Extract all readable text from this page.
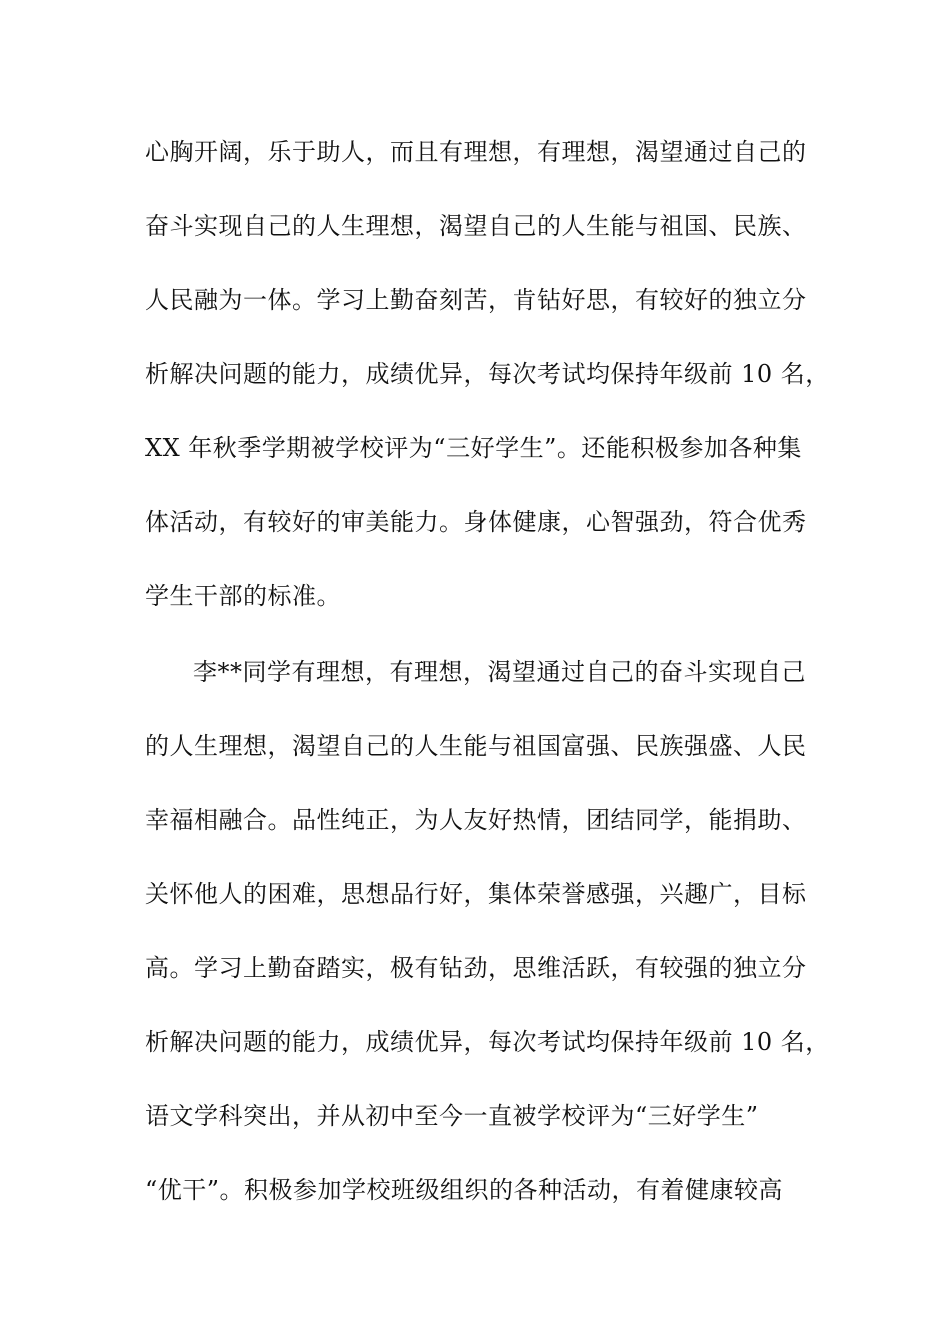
心胸开阔，乐于助人，而且有理想，有理想，渴望通过自己的
奋斗实现自己的人生理想，渴望自己的人生能与祖国、民族、
人民融为一体。学习上勤奋刻苦，肯钻好思，有较好的独立分
析解决问题的能力，成绩优异，每次考试均保持年级前 10 名，
XX 年秋季学期被学校评为“三好学生”。还能积极参加各种集
体活动，有较好的审美能力。身体健康，心智强劲，符合优秀
学生干部的标准。
李**同学有理想，有理想，渴望通过自己的奋斗实现自己
的人生理想，渴望自己的人生能与祖国富强、民族强盛、人民
幸福相融合。品性纯正，为人友好热情，团结同学，能捐助、
关怀他人的困难，思想品行好，集体荣誉感强，兴趣广，目标
高。学习上勤奋踏实，极有钻劲，思维活跃，有较强的独立分
析解决问题的能力，成绩优异，每次考试均保持年级前 10 名，
语文学科突出，并从初中至今一直被学校评为“三好学生”
“优干”。积极参加学校班级组织的各种活动，有着健康较高
